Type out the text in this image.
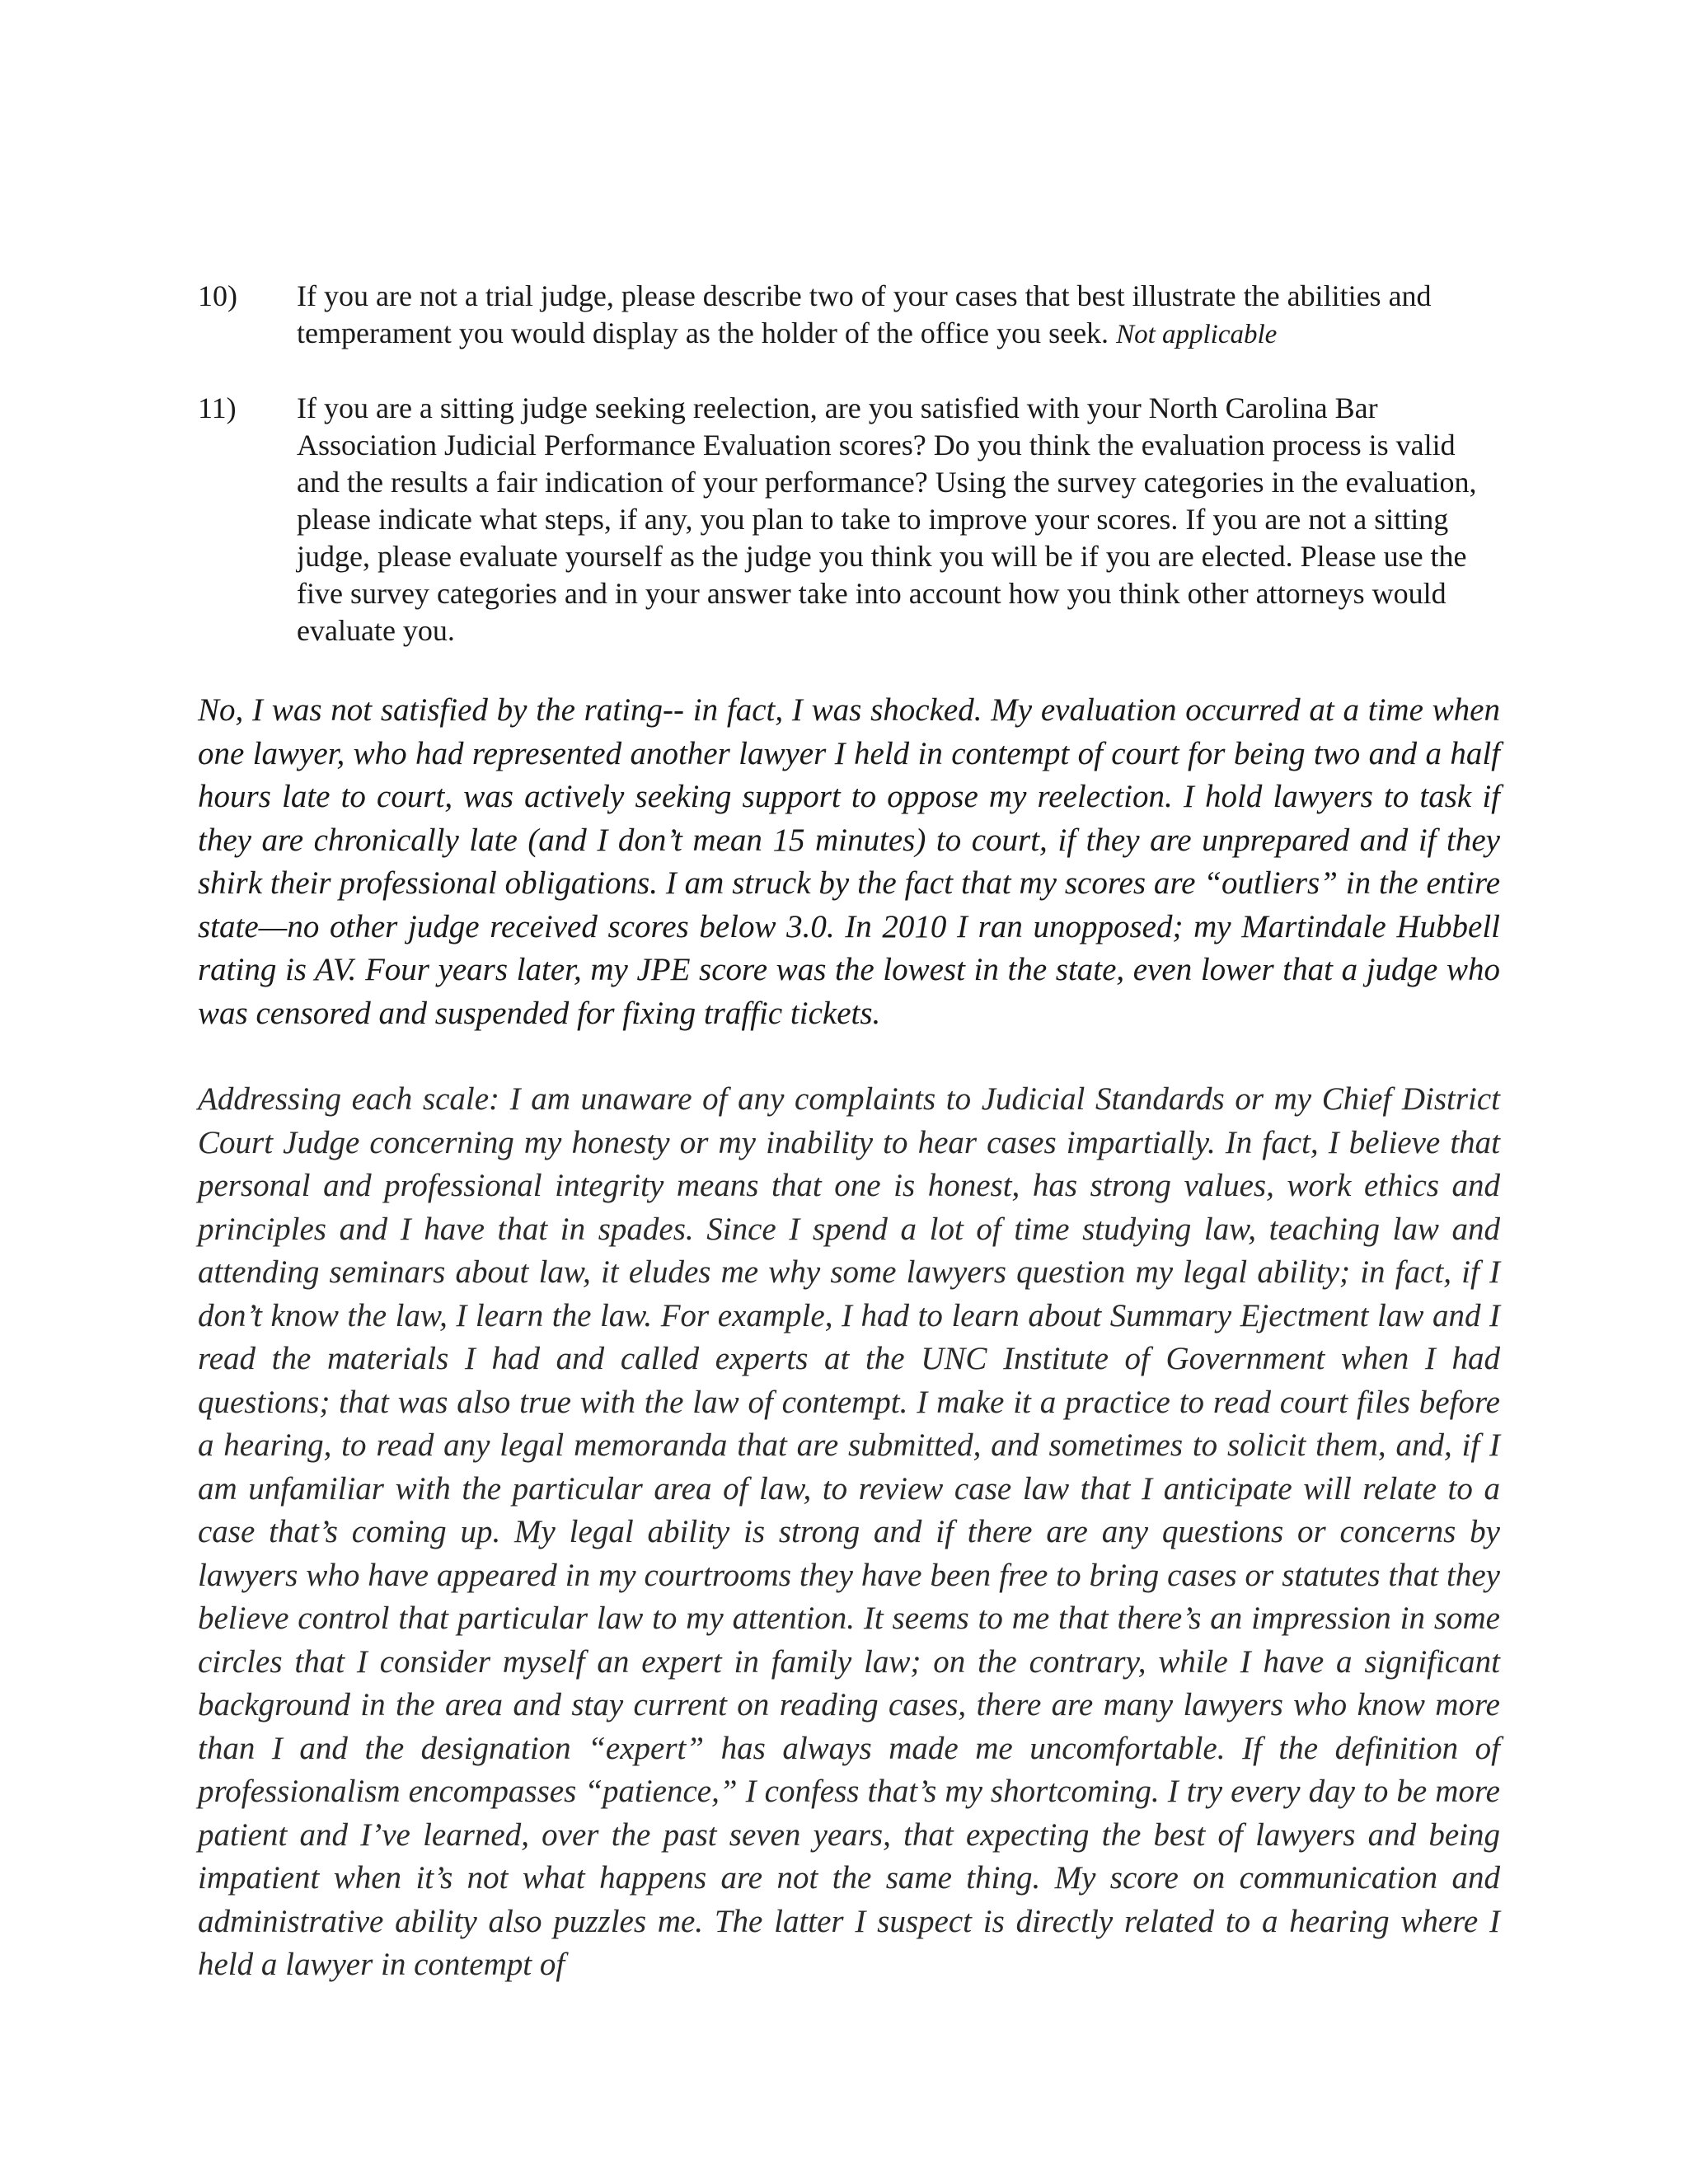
10) If you are not a trial judge, please describe two of your cases that best illustrate the abilities and temperament you would display as the holder of the office you seek. Not applicable
11) If you are a sitting judge seeking reelection, are you satisfied with your North Carolina Bar Association Judicial Performance Evaluation scores? Do you think the evaluation process is valid and the results a fair indication of your performance? Using the survey categories in the evaluation, please indicate what steps, if any, you plan to take to improve your scores. If you are not a sitting judge, please evaluate yourself as the judge you think you will be if you are elected. Please use the five survey categories and in your answer take into account how you think other attorneys would evaluate you.

No, I was not satisfied by the rating-- in fact, I was shocked. My evaluation occurred at a time when one lawyer, who had represented another lawyer I held in contempt of court for being two and a half hours late to court, was actively seeking support to oppose my reelection. I hold lawyers to task if they are chronically late (and I don’t mean 15 minutes) to court, if they are unprepared and if they shirk their professional obligations. I am struck by the fact that my scores are “outliers” in the entire state—no other judge received scores below 3.0. In 2010 I ran unopposed; my Martindale Hubbell rating is AV. Four years later, my JPE score was the lowest in the state, even lower that a judge who was censored and suspended for fixing traffic tickets.

Addressing each scale: I am unaware of any complaints to Judicial Standards or my Chief District Court Judge concerning my honesty or my inability to hear cases impartially. In fact, I believe that personal and professional integrity means that one is honest, has strong values, work ethics and principles and I have that in spades. Since I spend a lot of time studying law, teaching law and attending seminars about law, it eludes me why some lawyers question my legal ability; in fact, if I don’t know the law, I learn the law. For example, I had to learn about Summary Ejectment law and I read the materials I had and called experts at the UNC Institute of Government when I had questions; that was also true with the law of contempt. I make it a practice to read court files before a hearing, to read any legal memoranda that are submitted, and sometimes to solicit them, and, if I am unfamiliar with the particular area of law, to review case law that I anticipate will relate to a case that’s coming up. My legal ability is strong and if there are any questions or concerns by lawyers who have appeared in my courtrooms they have been free to bring cases or statutes that they believe control that particular law to my attention. It seems to me that there’s an impression in some circles that I consider myself an expert in family law; on the contrary, while I have a significant background in the area and stay current on reading cases, there are many lawyers who know more than I and the designation “expert” has always made me uncomfortable. If the definition of professionalism encompasses “patience,” I confess that’s my shortcoming. I try every day to be more patient and I’ve learned, over the past seven years, that expecting the best of lawyers and being impatient when it’s not what happens are not the same thing. My score on communication and administrative ability also puzzles me. The latter I suspect is directly related to a hearing where I held a lawyer in contempt of
